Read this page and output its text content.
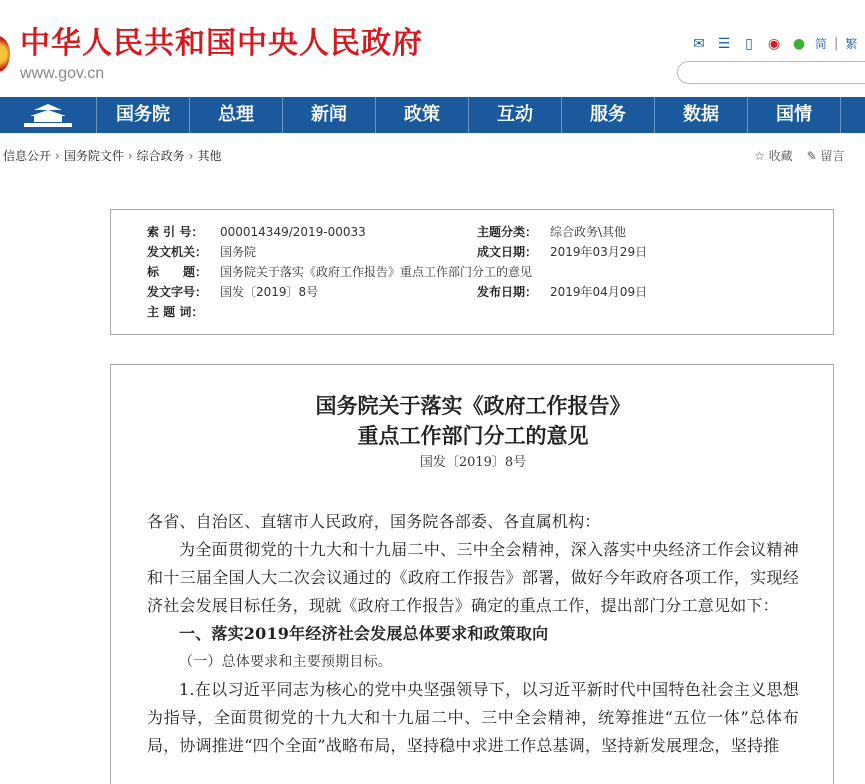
中华人民共和国中央人民政府
www.gov.cn
✉ ☰	▯	◉ ● 简 | 繁
国务院	总理	新闻	政策	互动	服务	数据	国情
信息公开 › 国务院文件 › 综合政务 › 其他	☆ 收藏 ✎ 留言
索 引 号：	000014349/2019-00033	主题分类：	综合政务\其他
发文机关：	国务院	成文日期：	2019年03月29日
标　　题：	国务院关于落实《政府工作报告》重点工作部门分工的意见
发文字号：	国发〔2019〕8号	发布日期：	2019年04月09日
主 题 词：
国务院关于落实《政府工作报告》
重点工作部门分工的意见
国发〔2019〕8号

各省、自治区、直辖市人民政府，国务院各部委、各直属机构：

为全面贯彻党的十九大和十九届二中、三中全会精神，深入落实中央经济工作会议精神和十三届全国人大二次会议通过的《政府工作报告》部署，做好今年政府各项工作，实现经济社会发展目标任务，现就《政府工作报告》确定的重点工作，提出部门分工意见如下：

一、落实2019年经济社会发展总体要求和政策取向

（一）总体要求和主要预期目标。

1.在以习近平同志为核心的党中央坚强领导下，以习近平新时代中国特色社会主义思想为指导，全面贯彻党的十九大和十九届二中、三中全会精神，统筹推进“五位一体”总体布局，协调推进“四个全面”战略布局，坚持稳中求进工作总基调，坚持新发展理念，坚持推
